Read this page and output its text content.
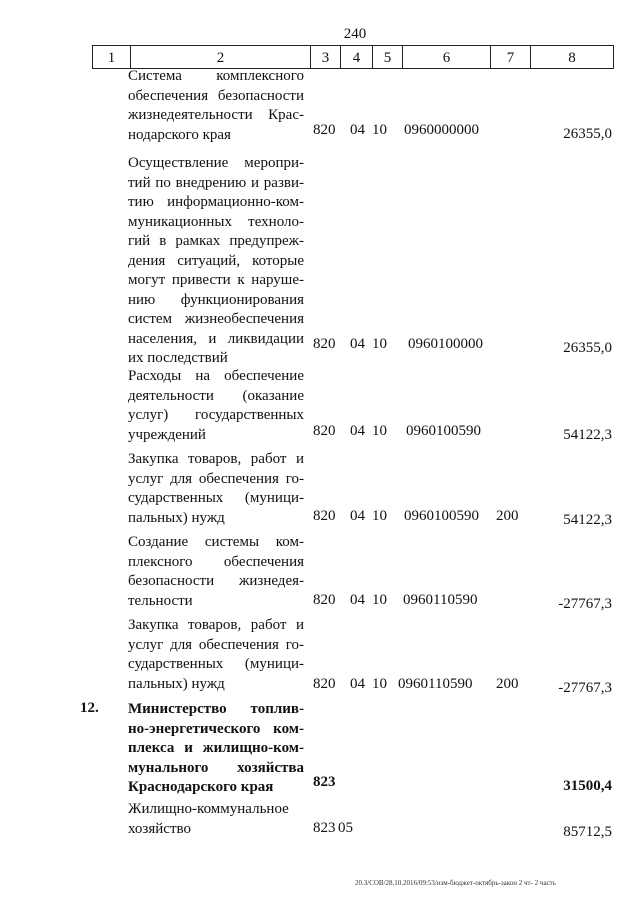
240
1	2	3	4	5	6	7	8
Система комплексного
обеспечения безопасности
жизнедеятельности Крас-
нодарского края	820 04 10 0960000000	26355,0
Осуществление меропри-
тий по внедрению и разви-
тию информационно-ком-
муникационных техноло-
гий в рамках предупреж-
дения ситуаций, которые
могут привести к наруше-
нию функционирования
систем жизнеобеспечения
населения, и ликвидации
их последствий
820 04 10 0960100000	26355,0
Расходы на обеспечение
деятельности (оказание
услуг) государственных
учреждений	820 04 10 0960100590	54122,3
Закупка товаров, работ и
услуг для обеспечения го-
сударственных (муници-
пальных) нужд	820 04 10 0960100590 200	54122,3
Создание системы ком-
плексного обеспечения
безопасности жизнедея-
тельности	820 04 10 0960110590	-27767,3
Закупка товаров, работ и
услуг для обеспечения го-
сударственных (муници-
пальных) нужд	820 04 10 0960110590 200	-27767,3
12. Министерство топлив-
но-энергетического ком-
плекса и жилищно-ком-
мунального хозяйства
Краснодарского края	823	31500,4
Жилищно-коммунальное
хозяйство	823 05	85712,5
20.3/СОВ/28.10.2016/09:53/изм-бюджет-октябрь-закон 2 чт- 2 часть
